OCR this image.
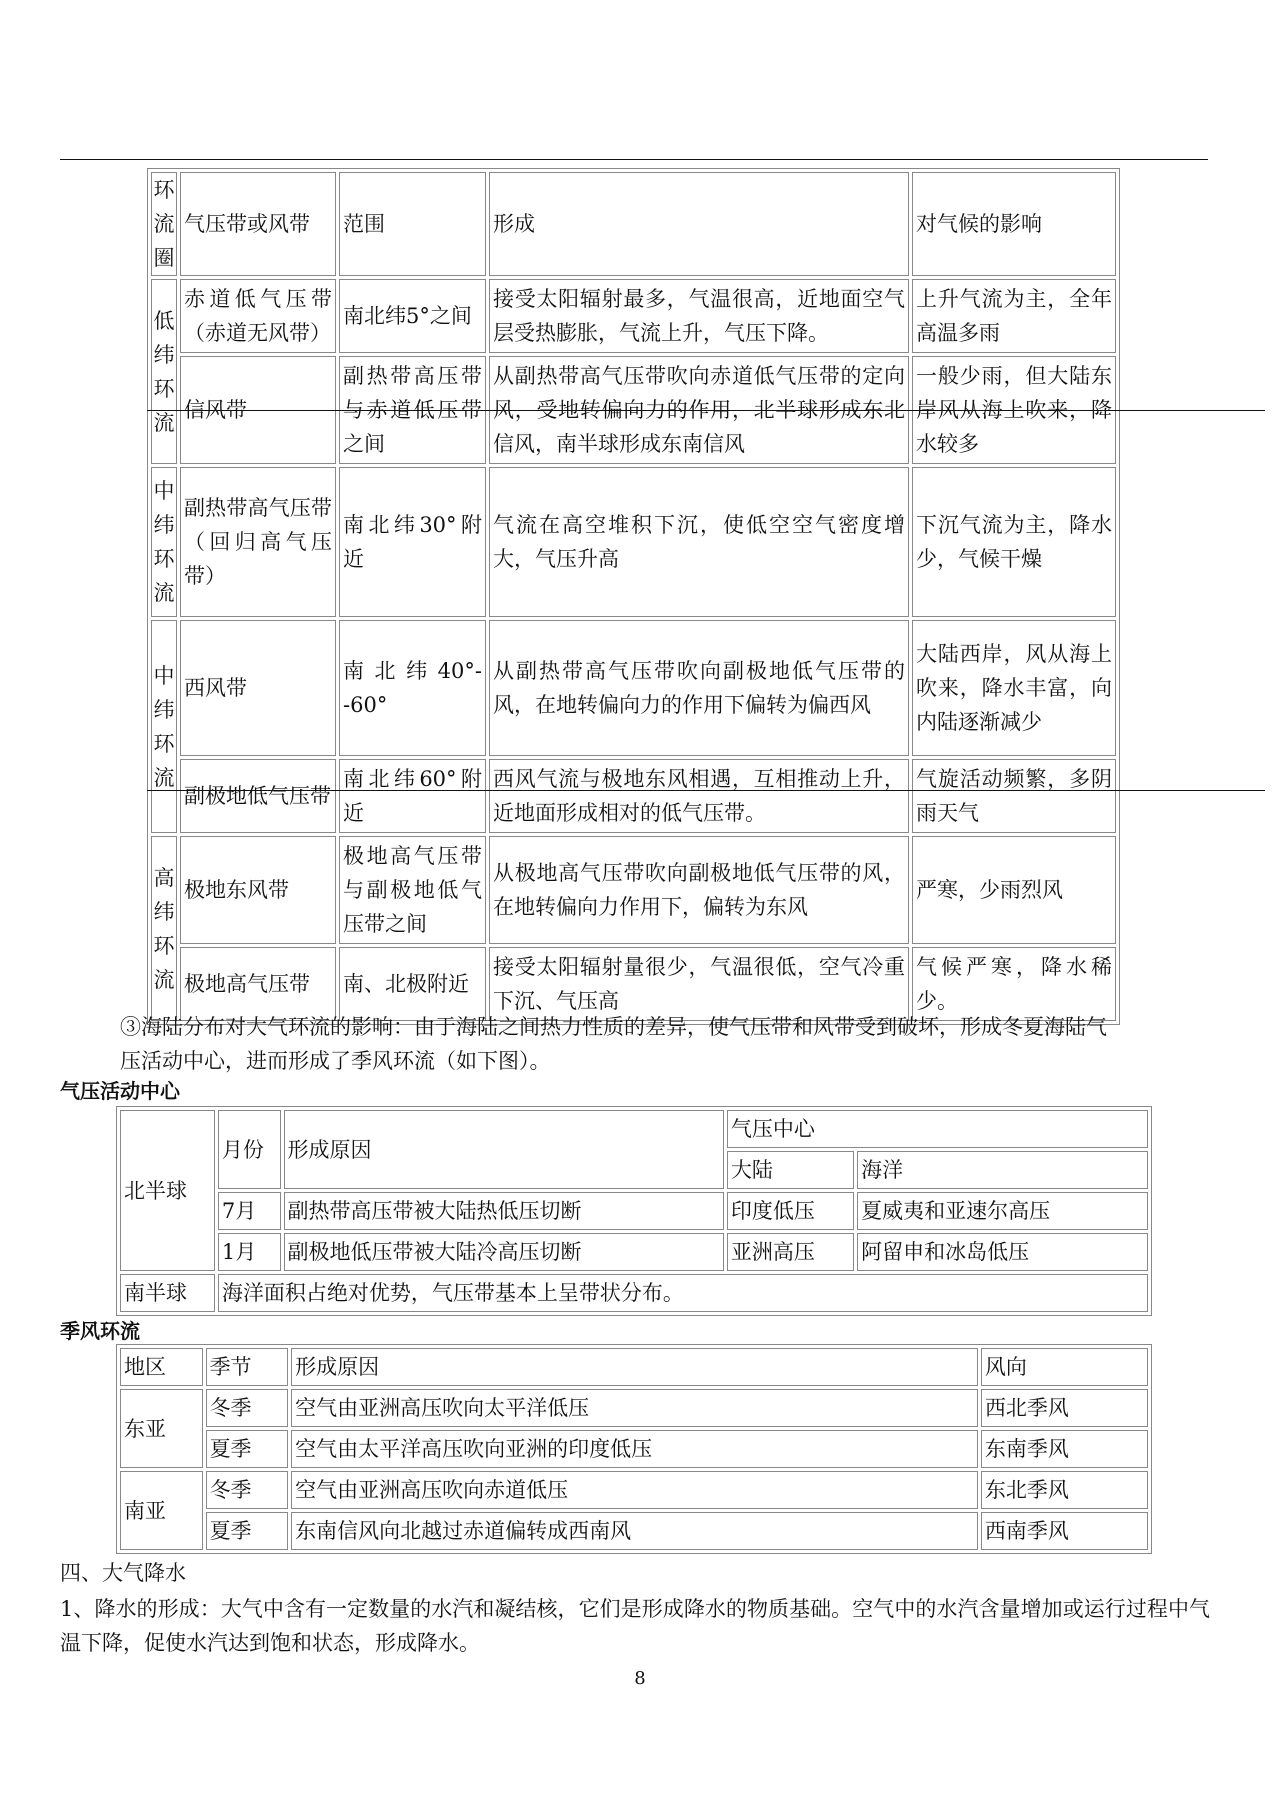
环流圈	气压带或风带	范围	形成	对气候的影响
低纬环流	赤道低气压带（赤道无风带）	南北纬5°之间	接受太阳辐射最多，气温很高，近地面空气层受热膨胀，气流上升，气压下降。	上升气流为主，全年高温多雨
	信风带	副热带高压带与赤道低压带之间	从副热带高气压带吹向赤道低气压带的定向风，受地转偏向力的作用，北半球形成东北信风，南半球形成东南信风	一般少雨，但大陆东岸风从海上吹来，降水较多
中纬环流	副热带高气压带（回归高气压带）	南北纬30°附近	气流在高空堆积下沉，使低空空气密度增大，气压升高	下沉气流为主，降水少，气候干燥
中纬环流	西风带	南北纬40°--60°	从副热带高气压带吹向副极地低气压带的风，在地转偏向力的作用下偏转为偏西风	大陆西岸，风从海上吹来，降水丰富，向内陆逐渐减少
	副极地低气压带	南北纬60°附近	西风气流与极地东风相遇，互相推动上升，近地面形成相对的低气压带。	气旋活动频繁，多阴雨天气
高纬环流	极地东风带	极地高气压带与副极地低气压带之间	从极地高气压带吹向副极地低气压带的风，在地转偏向力作用下，偏转为东风	严寒，少雨烈风
	极地高气压带	南、北极附近	接受太阳辐射量很少，气温很低，空气冷重下沉、气压高	气候严寒，降水稀少。
③海陆分布对大气环流的影响：由于海陆之间热力性质的差异，使气压带和风带受到破坏，形成冬夏海陆气压活动中心，进而形成了季风环流（如下图）。
气压活动中心
北半球	月份	形成原因	气压中心	
			大陆	海洋
	7月	副热带高压带被大陆热低压切断	印度低压	夏威夷和亚速尔高压
	1月	副极地低压带被大陆冷高压切断	亚洲高压	阿留申和冰岛低压
南半球	海洋面积占绝对优势，气压带基本上呈带状分布。			
季风环流
地区	季节	形成原因	风向
东亚	冬季	空气由亚洲高压吹向太平洋低压	西北季风
	夏季	空气由太平洋高压吹向亚洲的印度低压	东南季风
南亚	冬季	空气由亚洲高压吹向赤道低压	东北季风
	夏季	东南信风向北越过赤道偏转成西南风	西南季风
四、大气降水
1、降水的形成：大气中含有一定数量的水汽和凝结核，它们是形成降水的物质基础。空气中的水汽含量增加或运行过程中气温下降，促使水汽达到饱和状态，形成降水。
8
